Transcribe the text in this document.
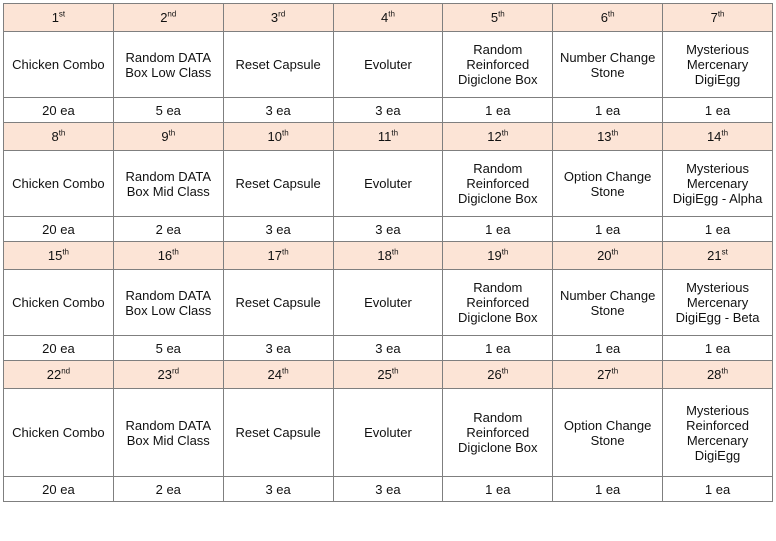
1st	2nd	3rd	4th	5th	6th	7th
Chicken Combo	Random DATA Box Low Class	Reset Capsule	Evoluter	Random Reinforced Digiclone Box	Number Change Stone	Mysterious Mercenary DigiEgg
20 ea	5 ea	3 ea	3 ea	1 ea	1 ea	1 ea
8th	9th	10th	11th	12th	13th	14th
Chicken Combo	Random DATA Box Mid Class	Reset Capsule	Evoluter	Random Reinforced Digiclone Box	Option Change Stone	Mysterious Mercenary DigiEgg - Alpha
20 ea	2 ea	3 ea	3 ea	1 ea	1 ea	1 ea
15th	16th	17th	18th	19th	20th	21st
Chicken Combo	Random DATA Box Low Class	Reset Capsule	Evoluter	Random Reinforced Digiclone Box	Number Change Stone	Mysterious Mercenary DigiEgg - Beta
20 ea	5 ea	3 ea	3 ea	1 ea	1 ea	1 ea
22nd	23rd	24th	25th	26th	27th	28th
Chicken Combo	Random DATA Box Mid Class	Reset Capsule	Evoluter	Random Reinforced Digiclone Box	Option Change Stone	Mysterious Reinforced Mercenary DigiEgg
20 ea	2 ea	3 ea	3 ea	1 ea	1 ea	1 ea
